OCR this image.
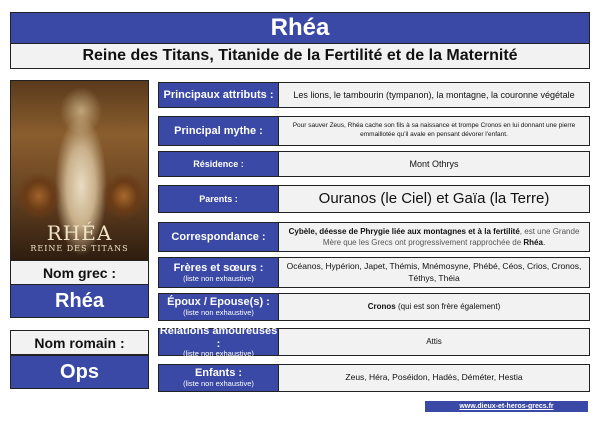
Rhéa
Reine des Titans, Titanide de la Fertilité et de la Maternité
RHÉA
REINE DES TITANS
Nom grec :
Rhéa
Nom romain :
Ops
Principaux attributs :	Les lions, le tambourin (tympanon), la montagne, la couronne végétale
Principal mythe :	Pour sauver Zeus, Rhéa cache son fils à sa naissance et trompe Cronos en lui donnant une pierre emmaillotée qu'il avale en pensant dévorer l'enfant.
Résidence :	Mont Othrys
Parents :	Ouranos (le Ciel) et Gaïa (la Terre)
Correspondance :	Cybèle, déesse de Phrygie liée aux montagnes et à la fertilité, est une Grande Mère que les Grecs ont progressivement rapprochée de Rhéa.
Frères et sœurs :
(liste non exhaustive)
Océanos, Hypérion, Japet, Thémis, Mnémosyne, Phébé, Céos, Crios, Cronos, Téthys, Théia
Époux / Epouse(s) :
(liste non exhaustive)
Cronos (qui est son frère également)
Relations amoureuses :
(liste non exhaustive)
Attis
Enfants :
(liste non exhaustive)
Zeus, Héra, Poséidon, Hadès, Déméter, Hestia
www.dieux-et-heros-grecs.fr
